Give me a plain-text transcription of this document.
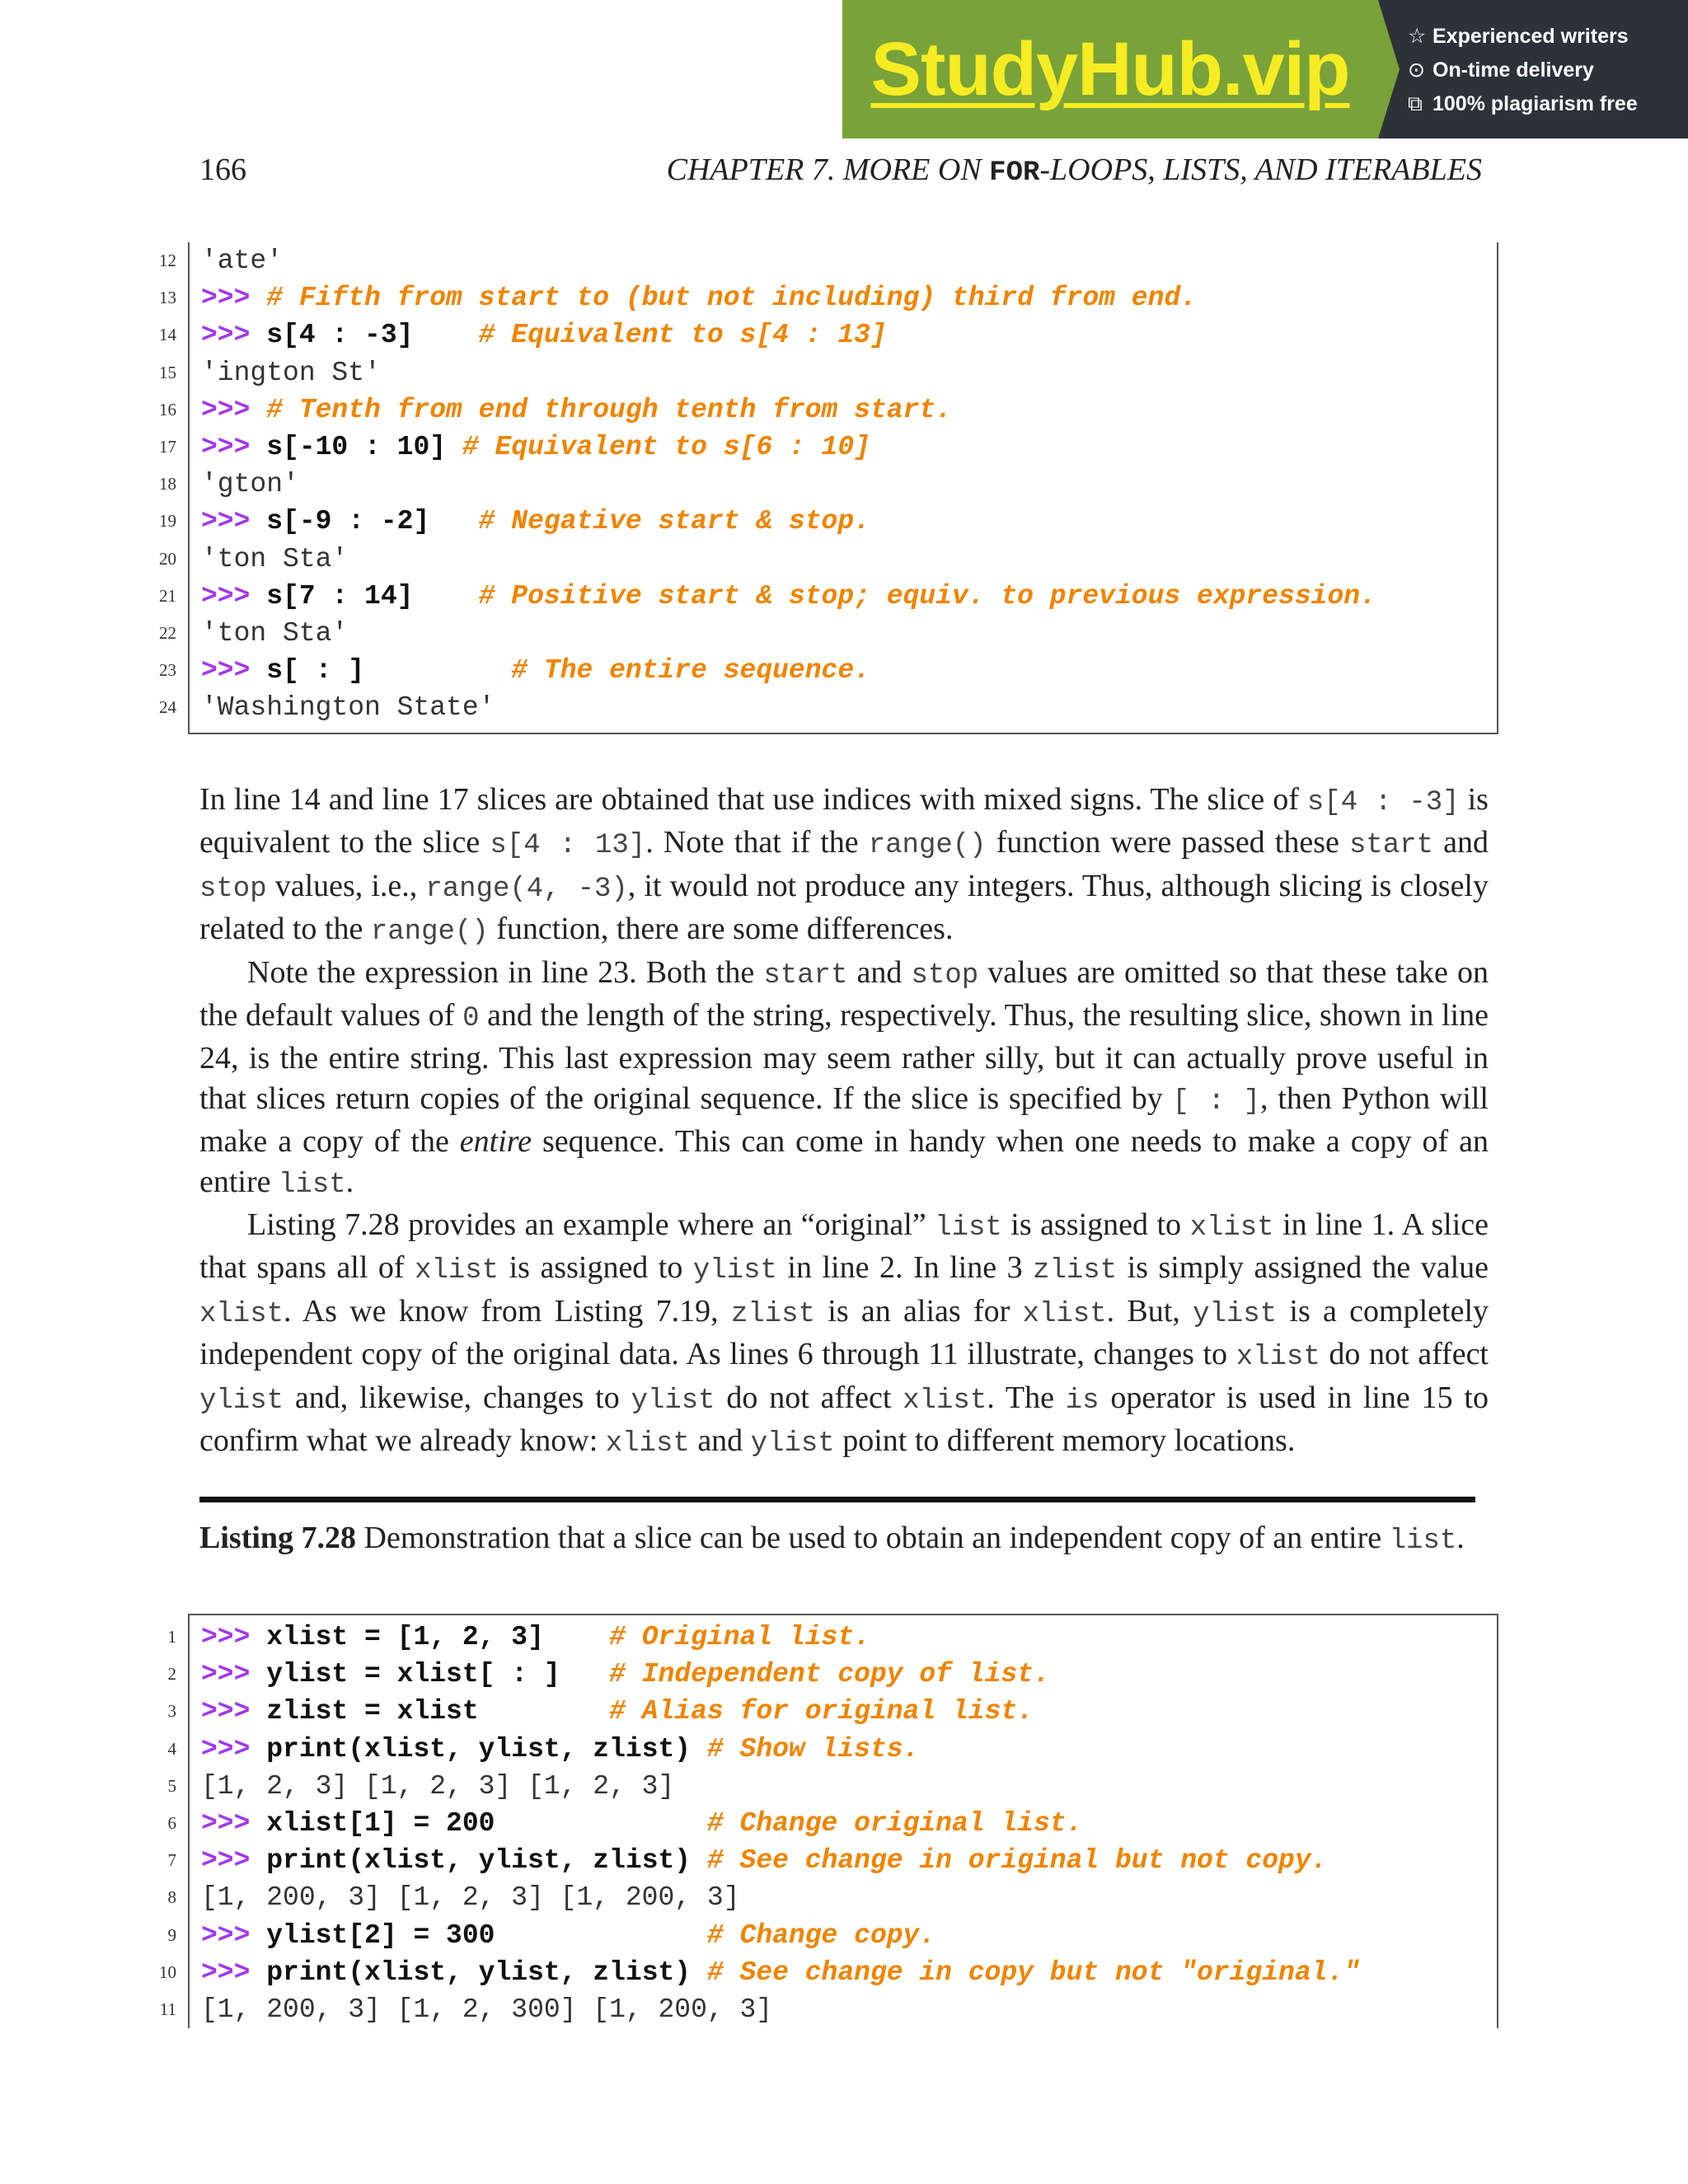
StudyHub.vip	☆ Experienced writers
⊙ On-time delivery
⧉ 100% plagiarism free
166	CHAPTER 7. MORE ON FOR-LOOPS, LISTS, AND ITERABLES
12 'ate'
13 >>> # Fifth from start to (but not including) third from end.
14 >>> s[4 : -3]    # Equivalent to s[4 : 13]
15 'ington St'
16 >>> # Tenth from end through tenth from start.
17 >>> s[-10 : 10] # Equivalent to s[6 : 10]
18 'gton'
19 >>> s[-9 : -2]   # Negative start & stop.
20 'ton Sta'
21 >>> s[7 : 14]    # Positive start & stop; equiv. to previous expression.
22 'ton Sta'
23 >>> s[ : ]         # The entire sequence.
24 'Washington State'

In line 14 and line 17 slices are obtained that use indices with mixed signs. The slice of s[4 : -3] is equivalent to the slice s[4 : 13]. Note that if the range() function were passed these start and stop values, i.e., range(4, -3), it would not produce any integers. Thus, although slicing is closely related to the range() function, there are some differences.

Note the expression in line 23. Both the start and stop values are omitted so that these take on the default values of 0 and the length of the string, respectively. Thus, the resulting slice, shown in line 24, is the entire string. This last expression may seem rather silly, but it can actually prove useful in that slices return copies of the original sequence. If the slice is specified by [ : ], then Python will make a copy of the entire sequence. This can come in handy when one needs to make a copy of an entire list.

Listing 7.28 provides an example where an “original” list is assigned to xlist in line 1. A slice that spans all of xlist is assigned to ylist in line 2. In line 3 zlist is simply assigned the value xlist. As we know from Listing 7.19, zlist is an alias for xlist. But, ylist is a completely independent copy of the original data. As lines 6 through 11 illustrate, changes to xlist do not affect ylist and, likewise, changes to ylist do not affect xlist. The is operator is used in line 15 to confirm what we already know: xlist and ylist point to different memory locations.

Listing 7.28 Demonstration that a slice can be used to obtain an independent copy of an entire list.
1 >>> xlist = [1, 2, 3]    # Original list.
2 >>> ylist = xlist[ : ]   # Independent copy of list.
3 >>> zlist = xlist        # Alias for original list.
4 >>> print(xlist, ylist, zlist) # Show lists.
5 [1, 2, 3] [1, 2, 3] [1, 2, 3]
6 >>> xlist[1] = 200             # Change original list.
7 >>> print(xlist, ylist, zlist) # See change in original but not copy.
8 [1, 200, 3] [1, 2, 3] [1, 200, 3]
9 >>> ylist[2] = 300             # Change copy.
10 >>> print(xlist, ylist, zlist) # See change in copy but not "original."
11 [1, 200, 3] [1, 2, 300] [1, 200, 3]
